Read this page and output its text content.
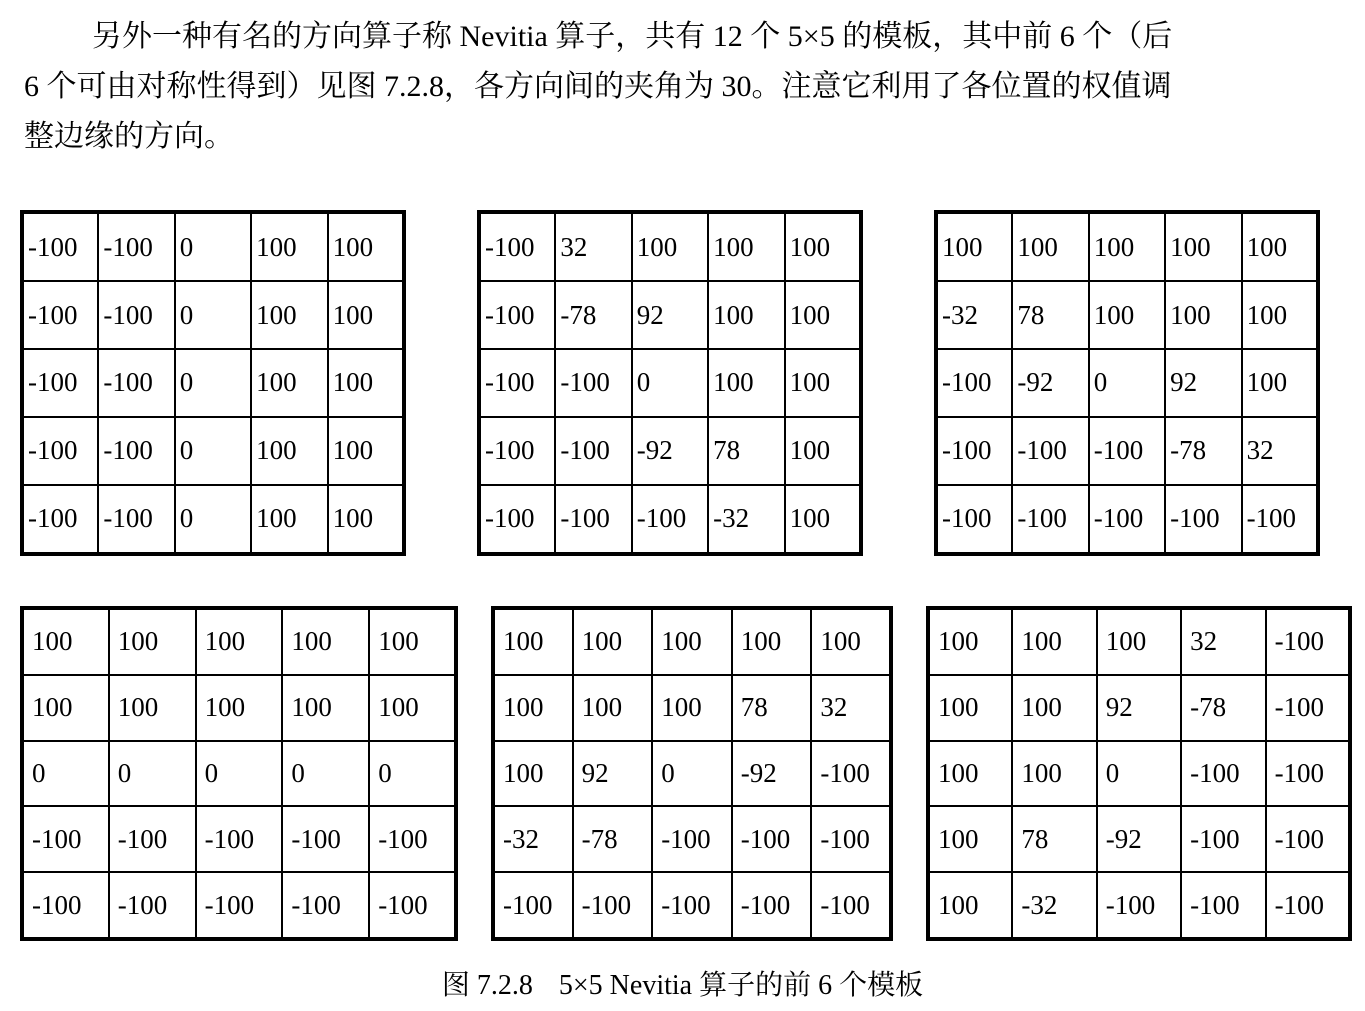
另外一种有名的方向算子称 Nevitia 算子，共有 12 个 5×5 的模板，其中前 6 个（后
6 个可由对称性得到）见图 7.2.8，各方向间的夹角为 30。注意它利用了各位置的权值调
整边缘的方向。

-100	-100	0	100	100
-100	-100	0	100	100
-100	-100	0	100	100
-100	-100	0	100	100
-100	-100	0	100	100
-100	32	100	100	100
-100	-78	92	100	100
-100	-100	0	100	100
-100	-100	-92	78	100
-100	-100	-100	-32	100
100	100	100	100	100
-32	78	100	100	100
-100	-92	0	92	100
-100	-100	-100	-78	32
-100	-100	-100	-100	-100
100	100	100	100	100
100	100	100	100	100
0	0	0	0	0
-100	-100	-100	-100	-100
-100	-100	-100	-100	-100
100	100	100	100	100
100	100	100	78	32
100	92	0	-92	-100
-32	-78	-100	-100	-100
-100	-100	-100	-100	-100
100	100	100	32	-100
100	100	92	-78	-100
100	100	0	-100	-100
100	78	-92	-100	-100
100	-32	-100	-100	-100

图 7.2.8 5×5 Nevitia 算子的前 6 个模板
